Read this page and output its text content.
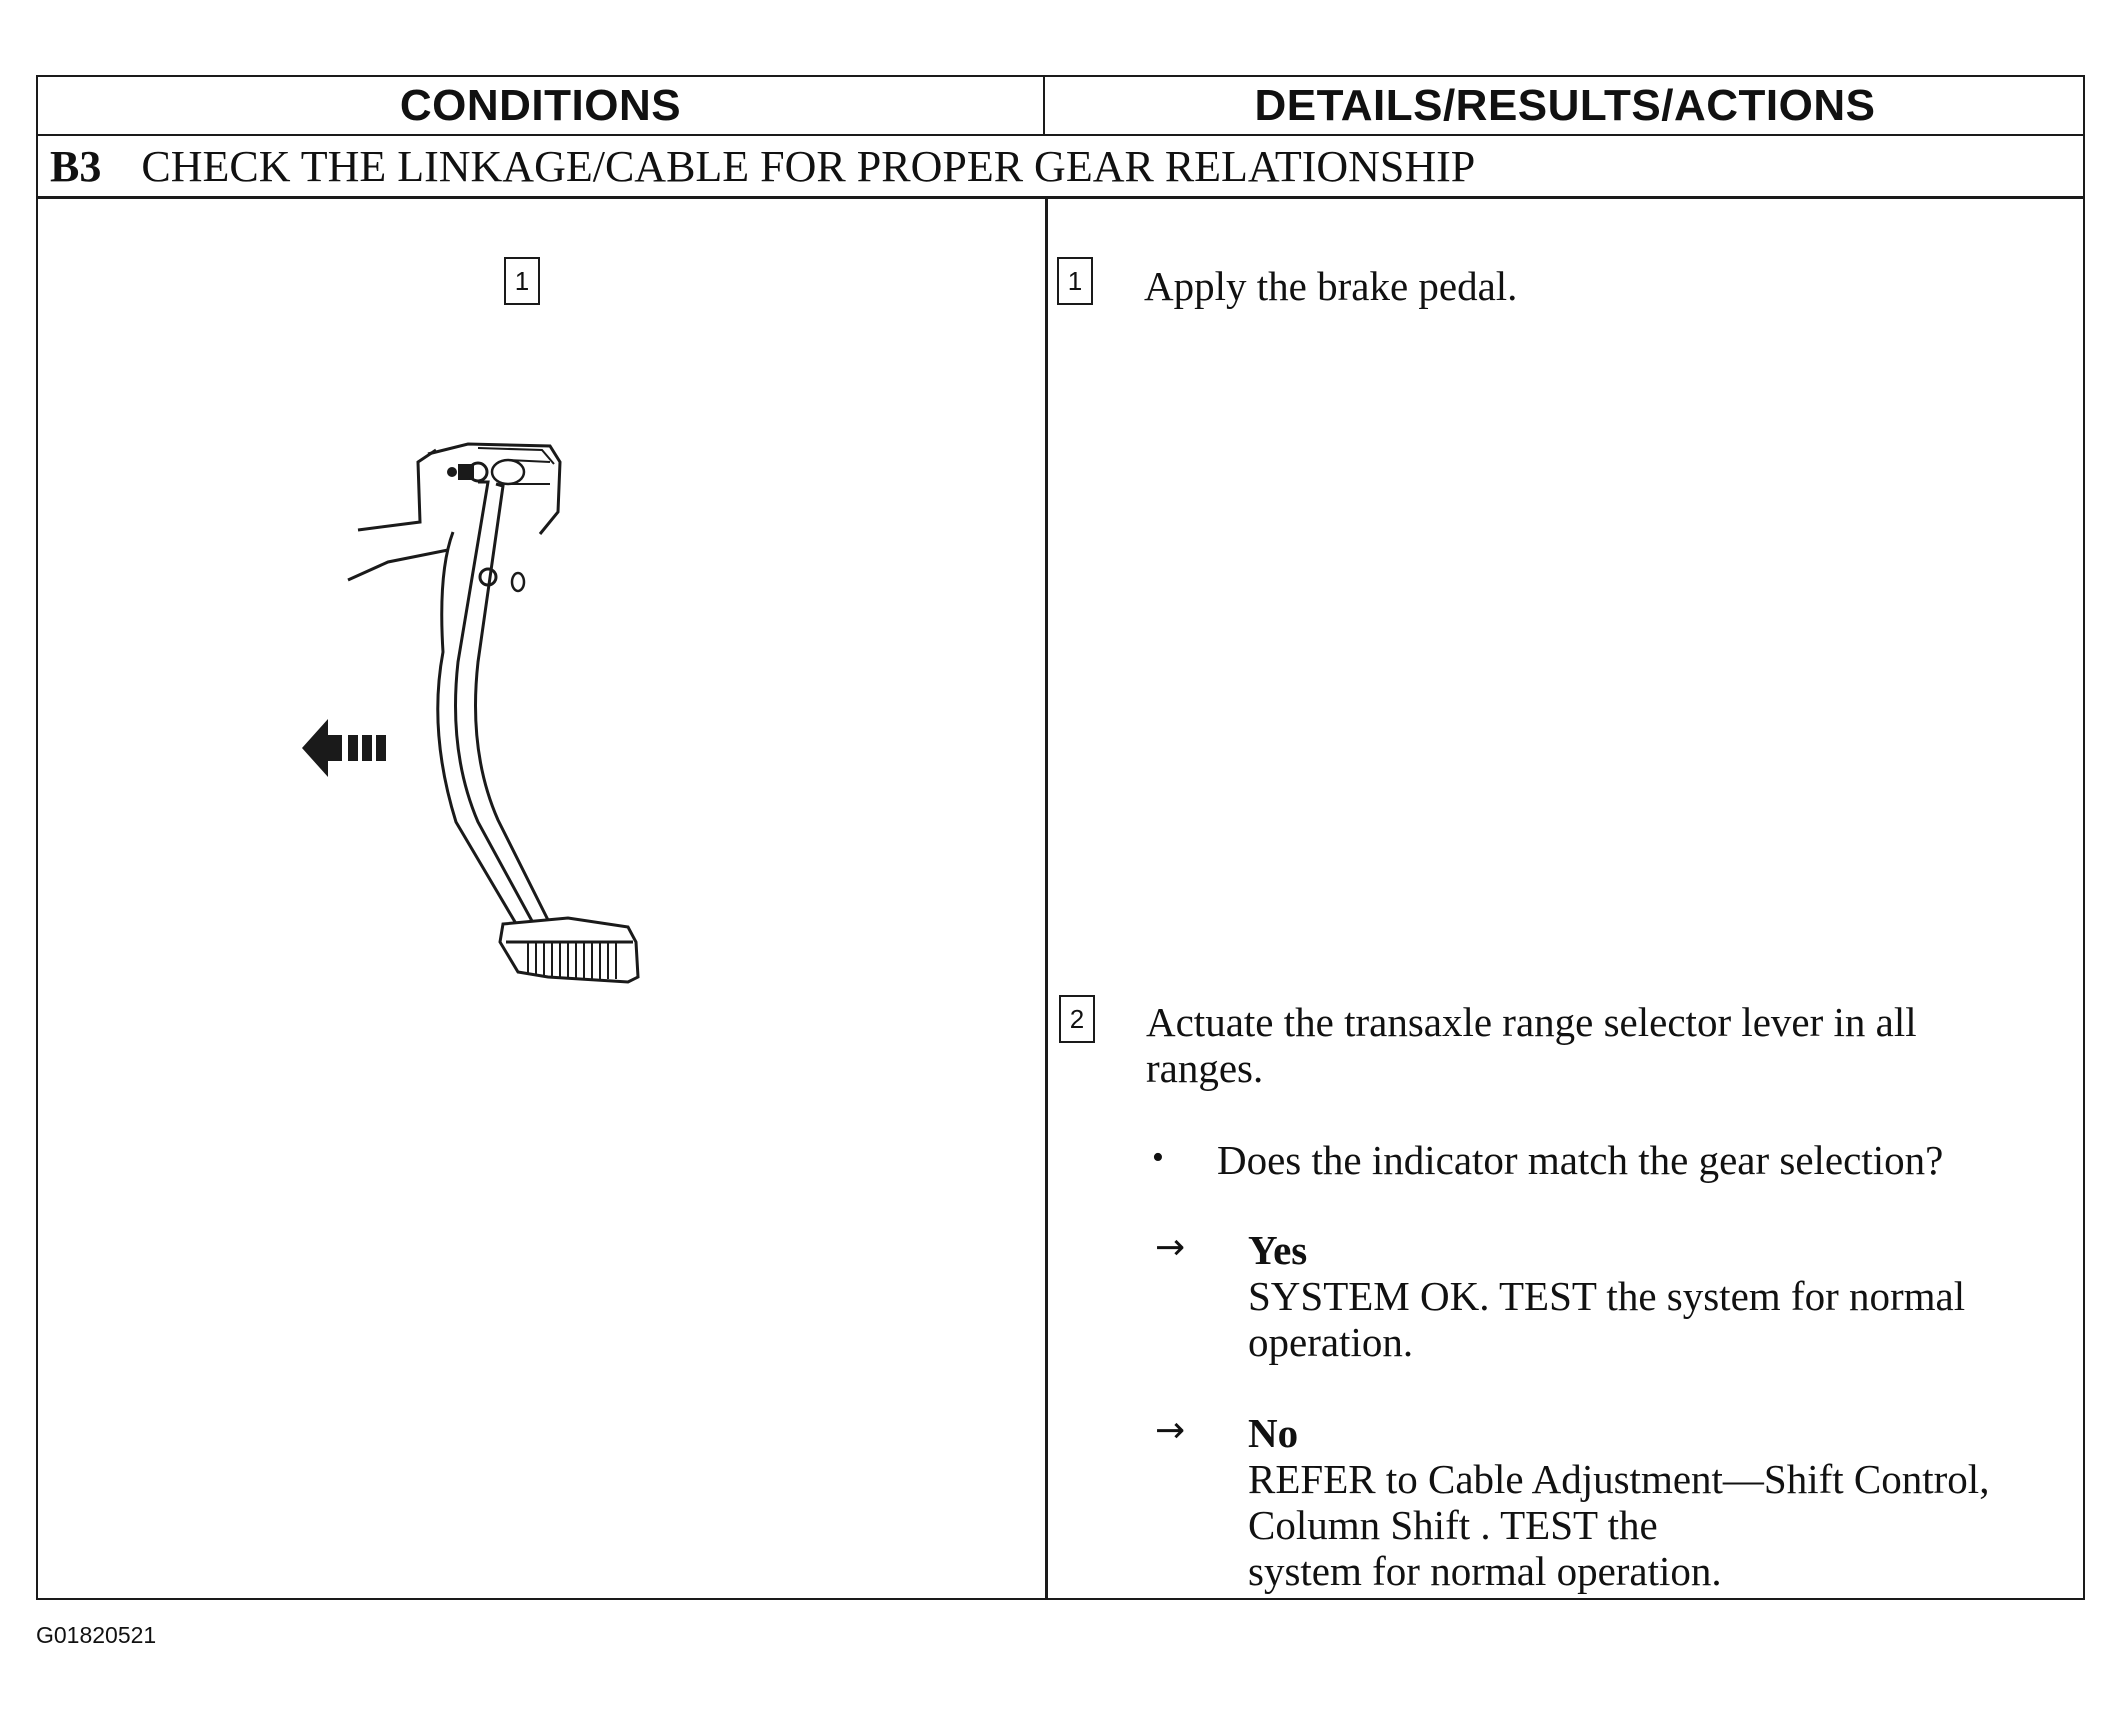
CONDITIONS	DETAILS/RESULTS/ACTIONS
B3 CHECK THE LINKAGE/CABLE FOR PROPER GEAR RELATIONSHIP
1	1 Apply the brake pedal.
2 Actuate the transaxle range selector lever in all
ranges.
• Does the indicator match the gear selection?
→ Yes
SYSTEM OK. TEST the system for normal
operation.
→ No
REFER to Cable Adjustment—Shift Control,
Column Shift . TEST the
system for normal operation.
G01820521
